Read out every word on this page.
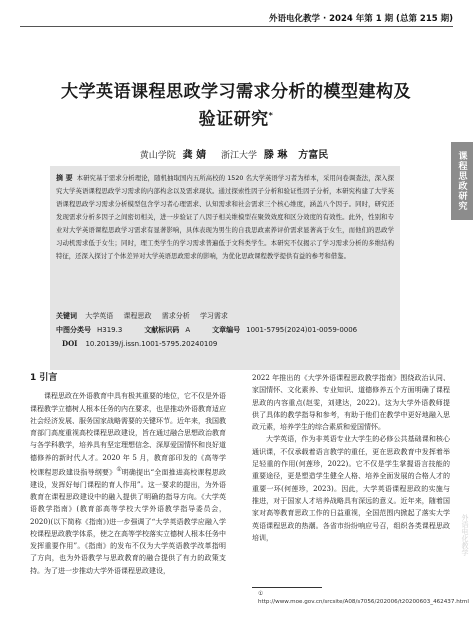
外语电化教学 · 2024 年第 1 期 (总第 215 期)
课程思政研究
外语电化教学
大学英语课程思政学习需求分析的模型建构及
验证研究*
黄山学院 龚 婧 浙江大学 滕 琳 方富民
摘 要 本研究基于需求分析理论，随机抽取国内五所高校的 1520 名大学英语学习者为样本，采用问卷调查法，深入探究大学英语课程思政学习需求的内部构念以及需求现状。通过探索性因子分析和验证性因子分析，本研究构建了大学英语课程思政学习需求分析模型包含学习者心理需求、认知需求和社会需求三个核心维度，涵盖八个因子。同时，研究还发现需求分析多因子之间密切相关，进一步验证了八因子相关维模型在聚敛效度和区分效度的有效性。此外，性别和专业对大学英语课程思政学习需求有显著影响，具体表现为男生的自我思政素养评价需求显著高于女生，而他们的思政学习动机需求低于女生；同时，理工类学生的学习需求普遍低于文科类学生。本研究不仅揭示了学习需求分析的多维结构特征，还深入探讨了个体差异对大学英语思政需求的影响，为优化思政课程教学提供有益的参考和借鉴。
关键词 大学英语 课程思政 需求分析 学习需求
中图分类号 H319.3	文献标识码 A	文章编号 1001-5795(2024)01-0059-0006
DOI 10.20139/j.issn.1001-5795.20240109
1 引言

课程思政在外语教育中具有极其重要的地位，它不仅是外语课程教学立德树人根本任务的内在要求，也是推动外语教育适应社会经济发展、服务国家战略需要的关键环节。近年来，我国教育部门高度重视高校课程思政建设，旨在通过融合思想政治教育与各学科教学，培养具有坚定理想信念、深厚爱国情怀和良好道德修养的新时代人才。2020 年 5 月，教育部印发的《高等学校课程思政建设指导纲要》①明确提出“全面推进高校课程思政建设，发挥好每门课程的育人作用”。这一要求的提出，为外语教育在课程思政建设中的融入提供了明确的指导方向。《大学英语教学指南》(教育部高等学校大学外语教学指导委员会，2020)(以下简称《指南》)进一步强调了“大学英语教学应融入学校课程思政教学体系，使之在高等学校落实立德树人根本任务中发挥重要作用”。《指南》的发布不仅为大学英语教学改革指明了方向，也为外语教学与思政教育的融合提供了有力的政策支持。为了进一步推动大学外语课程思政建设，

2022 年推出的《大学外语课程思政教学指南》围绕政治认同、家国情怀、文化素养、专业知识、道德修养五个方面明确了课程思政的内容重点(赵雯，刘建达，2022)。这为大学外语教师提供了具体的教学指导和参考，有助于他们在教学中更好地融入思政元素，培养学生的综合素质和爱国情怀。

大学英语，作为非英语专业大学生的必修公共基础课和核心通识课，不仅承载着语言教学的重任，更在思政教育中发挥着举足轻重的作用(何莲珍，2022)。它不仅是学生掌握语言技能的重要途径，更是塑造学生健全人格、培养全面发展的合格人才的重要一环(何莲珍，2023)。因此，大学英语课程思政的实施与推进，对于国家人才培养战略具有深远的意义。近年来，随着国家对高等教育思政工作的日益重视，全国范围内掀起了落实大学英语课程思政的热潮。各省市纷纷响应号召，组织各类课程思政培训，

① http://www.moe.gov.cn/srcsite/A08/s7056/202006/t20200603_462437.html
